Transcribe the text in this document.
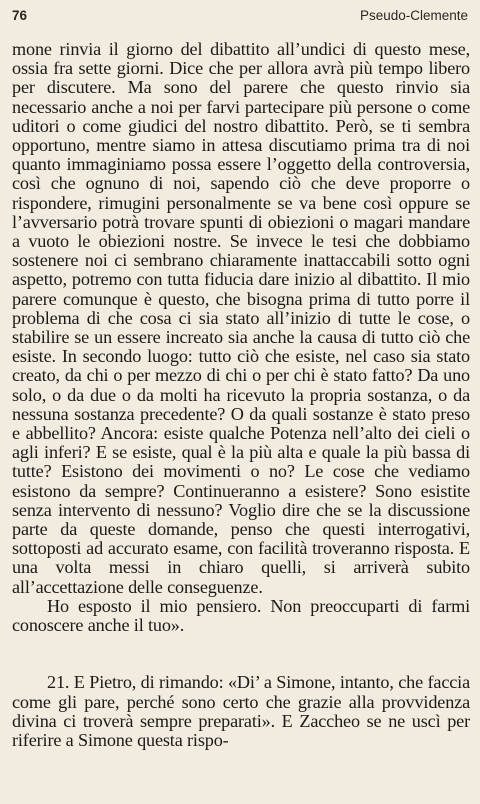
76	Pseudo-Clemente

mone rinvia il giorno del dibattito all’undici di questo mese, ossia fra sette giorni. Dice che per allora avrà più tempo libero per discutere. Ma sono del parere che questo rinvio sia necessario anche a noi per farvi partecipare più persone o come uditori o come giudici del nostro dibattito. Però, se ti sembra opportuno, mentre siamo in attesa discutiamo prima tra di noi quanto immaginiamo possa essere l’oggetto della controversia, così che ognuno di noi, sapendo ciò che deve proporre o rispondere, rimugini personalmente se va bene così oppure se l’avversario potrà trovare spunti di obiezioni o magari mandare a vuoto le obiezioni nostre. Se invece le tesi che dobbiamo sostenere noi ci sembrano chiaramente inattaccabili sotto ogni aspetto, potremo con tutta fiducia dare inizio al dibattito. Il mio parere comunque è questo, che bisogna prima di tutto porre il problema di che cosa ci sia stato all’inizio di tutte le cose, o stabilire se un essere increato sia anche la causa di tutto ciò che esiste. In secondo luogo: tutto ciò che esiste, nel caso sia stato creato, da chi o per mezzo di chi o per chi è stato fatto? Da uno solo, o da due o da molti ha ricevuto la propria sostanza, o da nessuna sostanza precedente? O da quali sostanze è stato preso e abbellito? Ancora: esiste qualche Potenza nell’alto dei cieli o agli inferi? E se esiste, qual è la più alta e quale la più bassa di tutte? Esistono dei movimenti o no? Le cose che vediamo esistono da sempre? Continueranno a esistere? Sono esistite senza intervento di nessuno? Voglio dire che se la discussione parte da queste domande, penso che questi interrogativi, sottoposti ad accurato esame, con facilità troveranno risposta. E una volta messi in chiaro quelli, si arriverà subito all’accettazione delle conseguenze.

Ho esposto il mio pensiero. Non preoccuparti di farmi conoscere anche il tuo».

21. E Pietro, di rimando: «Di’ a Simone, intanto, che faccia come gli pare, perché sono certo che grazie alla provvidenza divina ci troverà sempre preparati». E Zaccheo se ne uscì per riferire a Simone questa rispo-
